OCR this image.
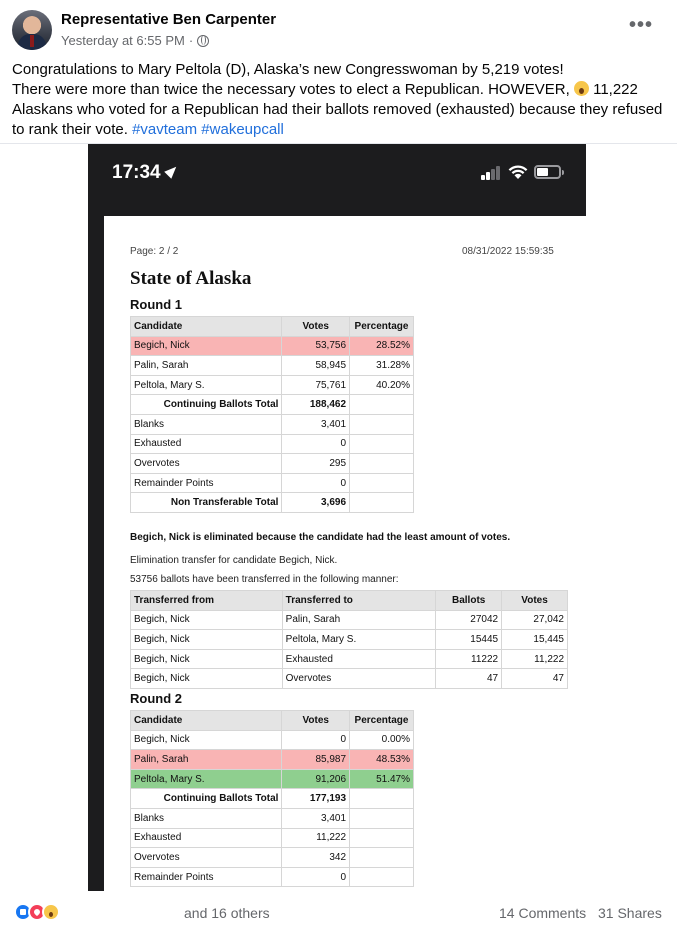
Representative Ben Carpenter
Yesterday at 6:55 PM ·
•••
Congratulations to Mary Peltola (D), Alaska’s new Congresswoman by 5,219 votes!
There were more than twice the necessary votes to elect a Republican. HOWEVER,  11,222 Alaskans who voted for a Republican had their ballots removed (exhausted) because they refused to rank their vote. #vavteam #wakeupcall
17:34
Page: 2 / 2	08/31/2022 15:59:35
State of Alaska
Round 1
Candidate	Votes	Percentage
Begich, Nick	53,756	28.52%
Palin, Sarah	58,945	31.28%
Peltola, Mary S.	75,761	40.20%
Continuing Ballots Total	188,462	
Blanks	3,401	
Exhausted	0	
Overvotes	295	
Remainder Points	0	
Non Transferable Total	3,696	
Begich, Nick is eliminated because the candidate had the least amount of votes.
Elimination transfer for candidate Begich, Nick.
53756 ballots have been transferred in the following manner:
Transferred from	Transferred to	Ballots	Votes
Begich, Nick	Palin, Sarah	27042	27,042
Begich, Nick	Peltola, Mary S.	15445	15,445
Begich, Nick	Exhausted	11222	11,222
Begich, Nick	Overvotes	47	47
Round 2
Candidate	Votes	Percentage
Begich, Nick	0	0.00%
Palin, Sarah	85,987	48.53%
Peltola, Mary S.	91,206	51.47%
Continuing Ballots Total	177,193	
Blanks	3,401	
Exhausted	11,222	
Overvotes	342	
Remainder Points	0	
and 16 others	14 Comments 31 Shares
